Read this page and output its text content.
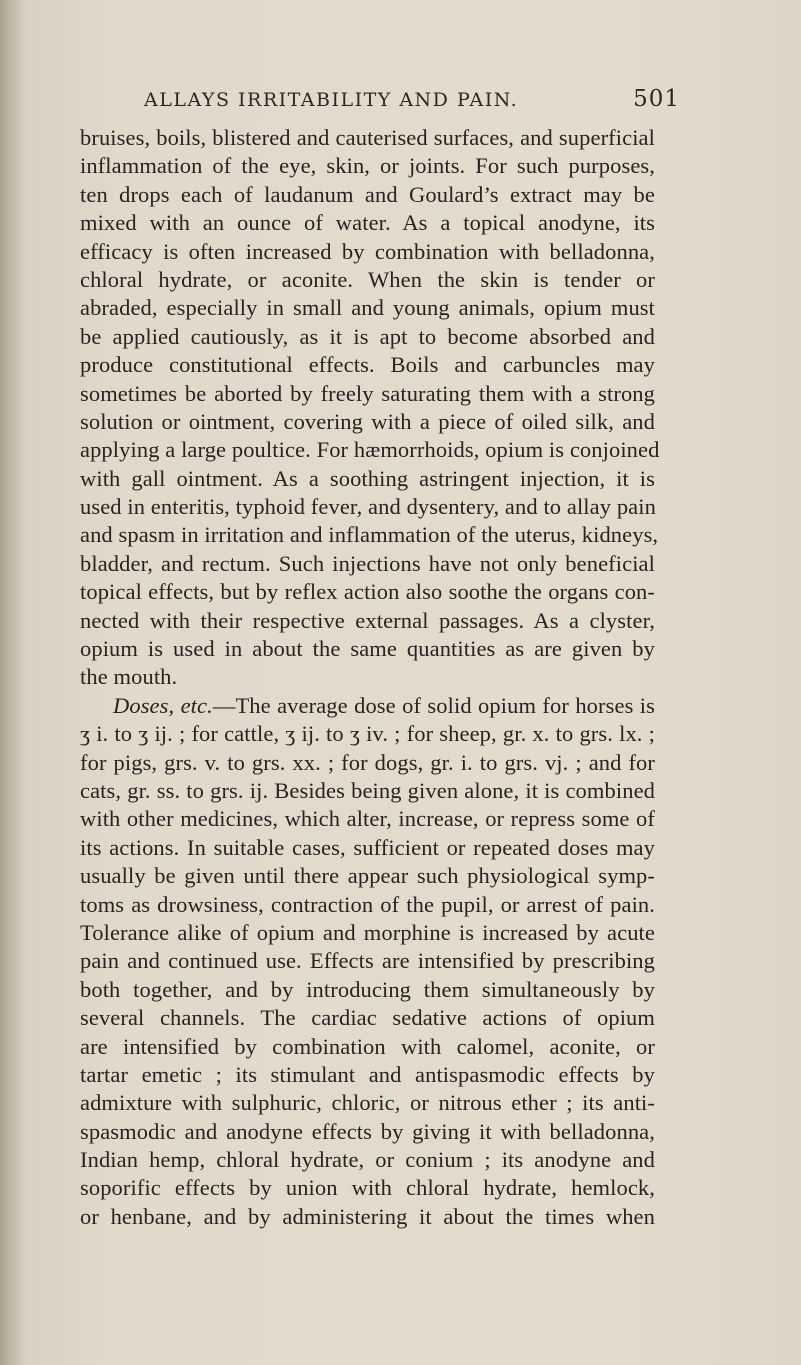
ALLAYS IRRITABILITY AND PAIN.	501
bruises, boils, blistered and cauterised surfaces, and superficial
inflammation of the eye, skin, or joints. For such purposes,
ten drops each of laudanum and Goulard’s extract may be
mixed with an ounce of water. As a topical anodyne, its
efficacy is often increased by combination with belladonna,
chloral hydrate, or aconite. When the skin is tender or
abraded, especially in small and young animals, opium must
be applied cautiously, as it is apt to become absorbed and
produce constitutional effects. Boils and carbuncles may
sometimes be aborted by freely saturating them with a strong
solution or ointment, covering with a piece of oiled silk, and
applying a large poultice. For hæmorrhoids, opium is conjoined
with gall ointment. As a soothing astringent injection, it is
used in enteritis, typhoid fever, and dysentery, and to allay pain
and spasm in irritation and inflammation of the uterus, kidneys,
bladder, and rectum. Such injections have not only beneficial
topical effects, but by reflex action also soothe the organs con-
nected with their respective external passages. As a clyster,
opium is used in about the same quantities as are given by
the mouth.
Doses, etc.—The average dose of solid opium for horses is
ʒ i. to ʒ ij. ; for cattle, ʒ ij. to ʒ iv. ; for sheep, gr. x. to grs. lx. ;
for pigs, grs. v. to grs. xx. ; for dogs, gr. i. to grs. vj. ; and for
cats, gr. ss. to grs. ij. Besides being given alone, it is combined
with other medicines, which alter, increase, or repress some of
its actions. In suitable cases, sufficient or repeated doses may
usually be given until there appear such physiological symp-
toms as drowsiness, contraction of the pupil, or arrest of pain.
Tolerance alike of opium and morphine is increased by acute
pain and continued use. Effects are intensified by prescribing
both together, and by introducing them simultaneously by
several channels. The cardiac sedative actions of opium
are intensified by combination with calomel, aconite, or
tartar emetic ; its stimulant and antispasmodic effects by
admixture with sulphuric, chloric, or nitrous ether ; its anti-
spasmodic and anodyne effects by giving it with belladonna,
Indian hemp, chloral hydrate, or conium ; its anodyne and
soporific effects by union with chloral hydrate, hemlock,
or henbane, and by administering it about the times when
